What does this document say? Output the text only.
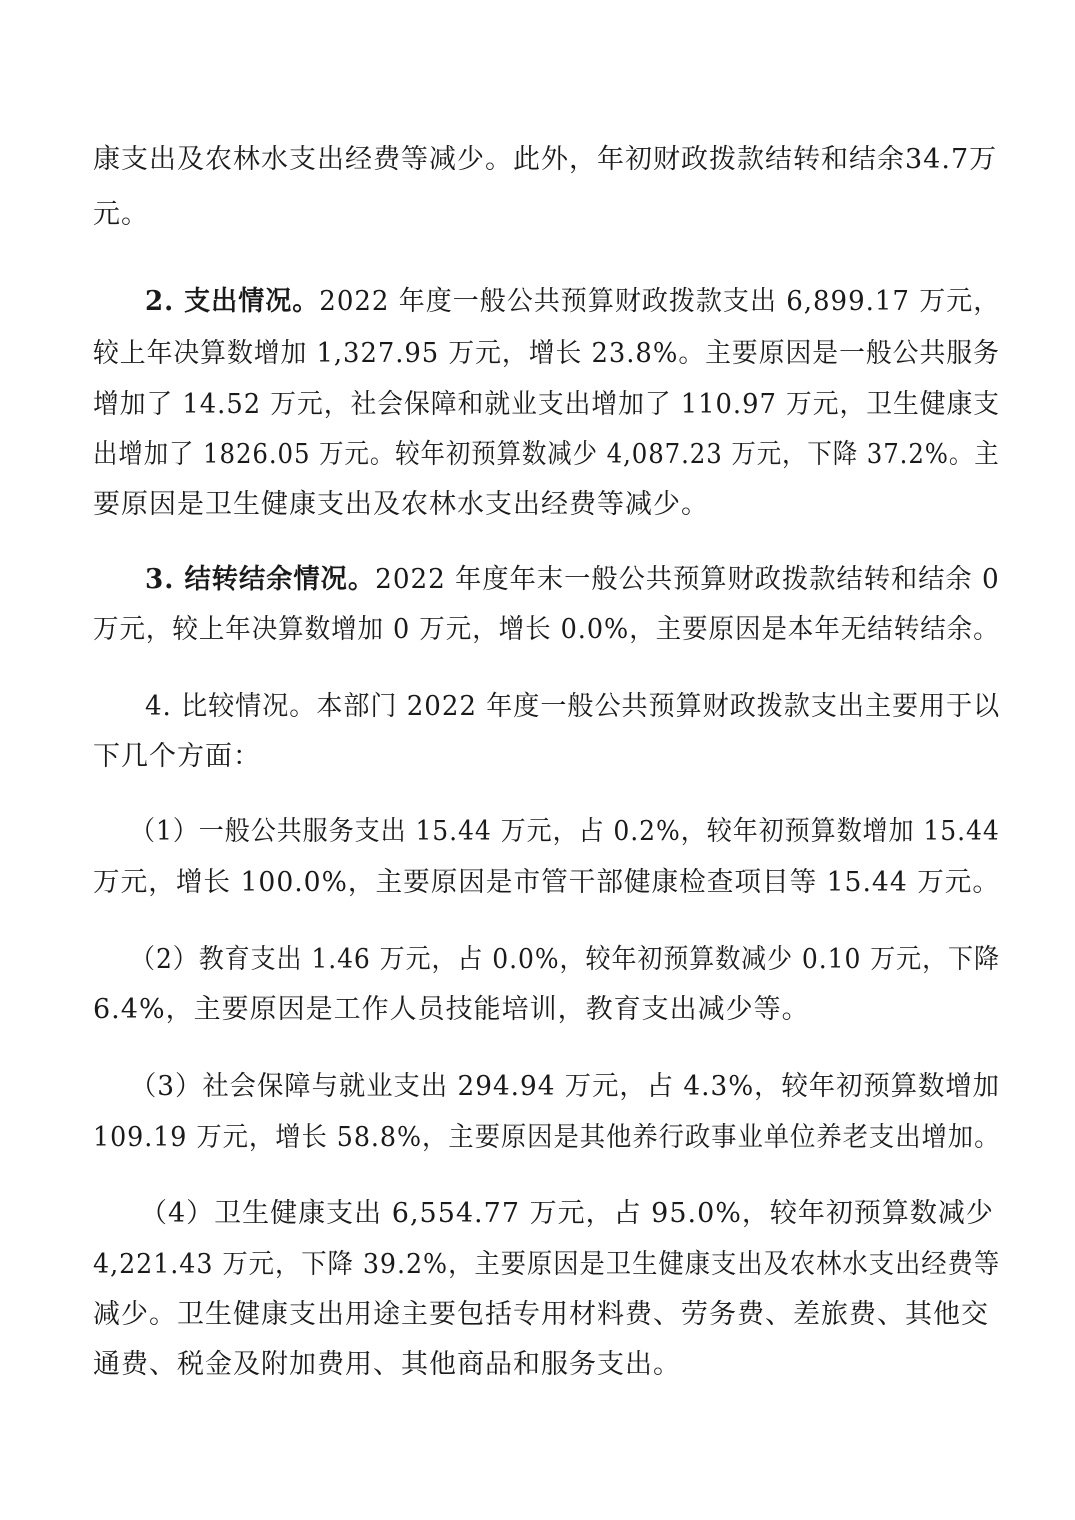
康支出及农林水支出经费等减少。此外，年初财政拨款结转和结余34.7万
元。
2. 支出情况。2022 年度一般公共预算财政拨款支出 6,899.17 万元，
较上年决算数增加 1,327.95 万元，增长 23.8%。主要原因是一般公共服务
增加了 14.52 万元，社会保障和就业支出增加了 110.97 万元，卫生健康支
出增加了 1826.05 万元。较年初预算数减少 4,087.23 万元，下降 37.2%。主
要原因是卫生健康支出及农林水支出经费等减少。
3. 结转结余情况。2022 年度年末一般公共预算财政拨款结转和结余 0
万元，较上年决算数增加 0 万元，增长 0.0%，主要原因是本年无结转结余。
4. 比较情况。本部门 2022 年度一般公共预算财政拨款支出主要用于以
下几个方面：
（1）一般公共服务支出 15.44 万元，占 0.2%，较年初预算数增加 15.44
万元，增长 100.0%，主要原因是市管干部健康检查项目等 15.44 万元。
（2）教育支出 1.46 万元，占 0.0%，较年初预算数减少 0.10 万元，下降
6.4%，主要原因是工作人员技能培训，教育支出减少等。
（3）社会保障与就业支出 294.94 万元，占 4.3%，较年初预算数增加
109.19 万元，增长 58.8%，主要原因是其他养行政事业单位养老支出增加。
（4）卫生健康支出 6,554.77 万元，占 95.0%，较年初预算数减少
4,221.43 万元，下降 39.2%，主要原因是卫生健康支出及农林水支出经费等
减少。卫生健康支出用途主要包括专用材料费、劳务费、差旅费、其他交
通费、税金及附加费用、其他商品和服务支出。
